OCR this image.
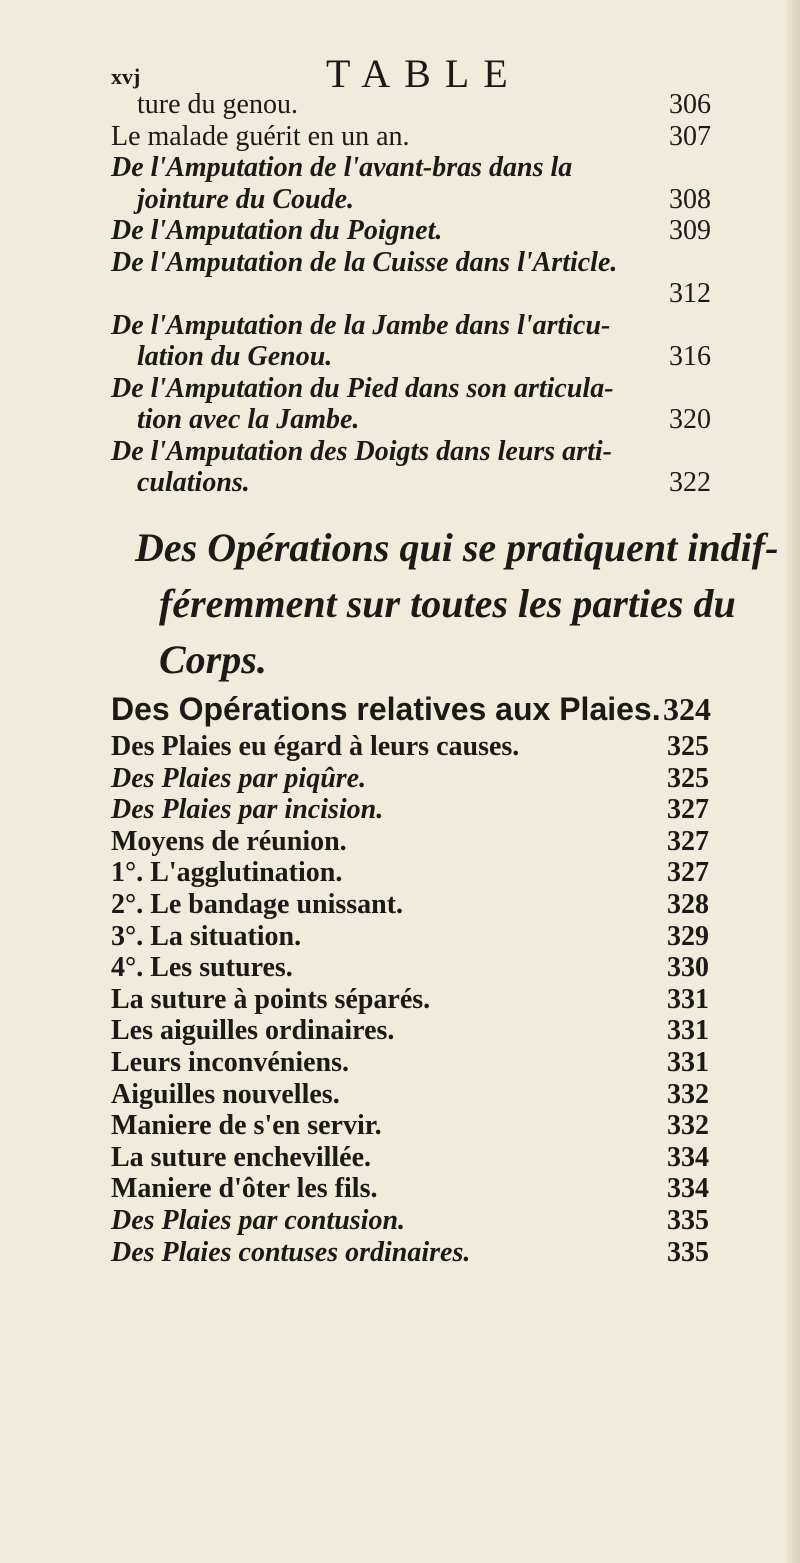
xvj	TABLE
ture du genou.	306
Le malade guérit en un an.	307
De l'Amputation de l'avant-bras dans la
jointure du Coude.	308
De l'Amputation du Poignet.	309
De l'Amputation de la Cuisse dans l'Article.
312
De l'Amputation de la Jambe dans l'articu-
lation du Genou.	316
De l'Amputation du Pied dans son articula-
tion avec la Jambe.	320
De l'Amputation des Doigts dans leurs arti-
culations.	322
Des Opérations qui se pratiquent indif-
féremment sur toutes les parties du
Corps.
Des Opérations relatives aux Plaies. 324
Des Plaies eu égard à leurs causes.	325
Des Plaies par piqûre.	325
Des Plaies par incision.	327
Moyens de réunion.	327
1°. L'agglutination.	327
2°. Le bandage unissant.	328
3°. La situation.	329
4°. Les sutures.	330
La suture à points séparés.	331
Les aiguilles ordinaires.	331
Leurs inconvéniens.	331
Aiguilles nouvelles.	332
Maniere de s'en servir.	332
La suture enchevillée.	334
Maniere d'ôter les fils.	334
Des Plaies par contusion.	335
Des Plaies contuses ordinaires.	335
